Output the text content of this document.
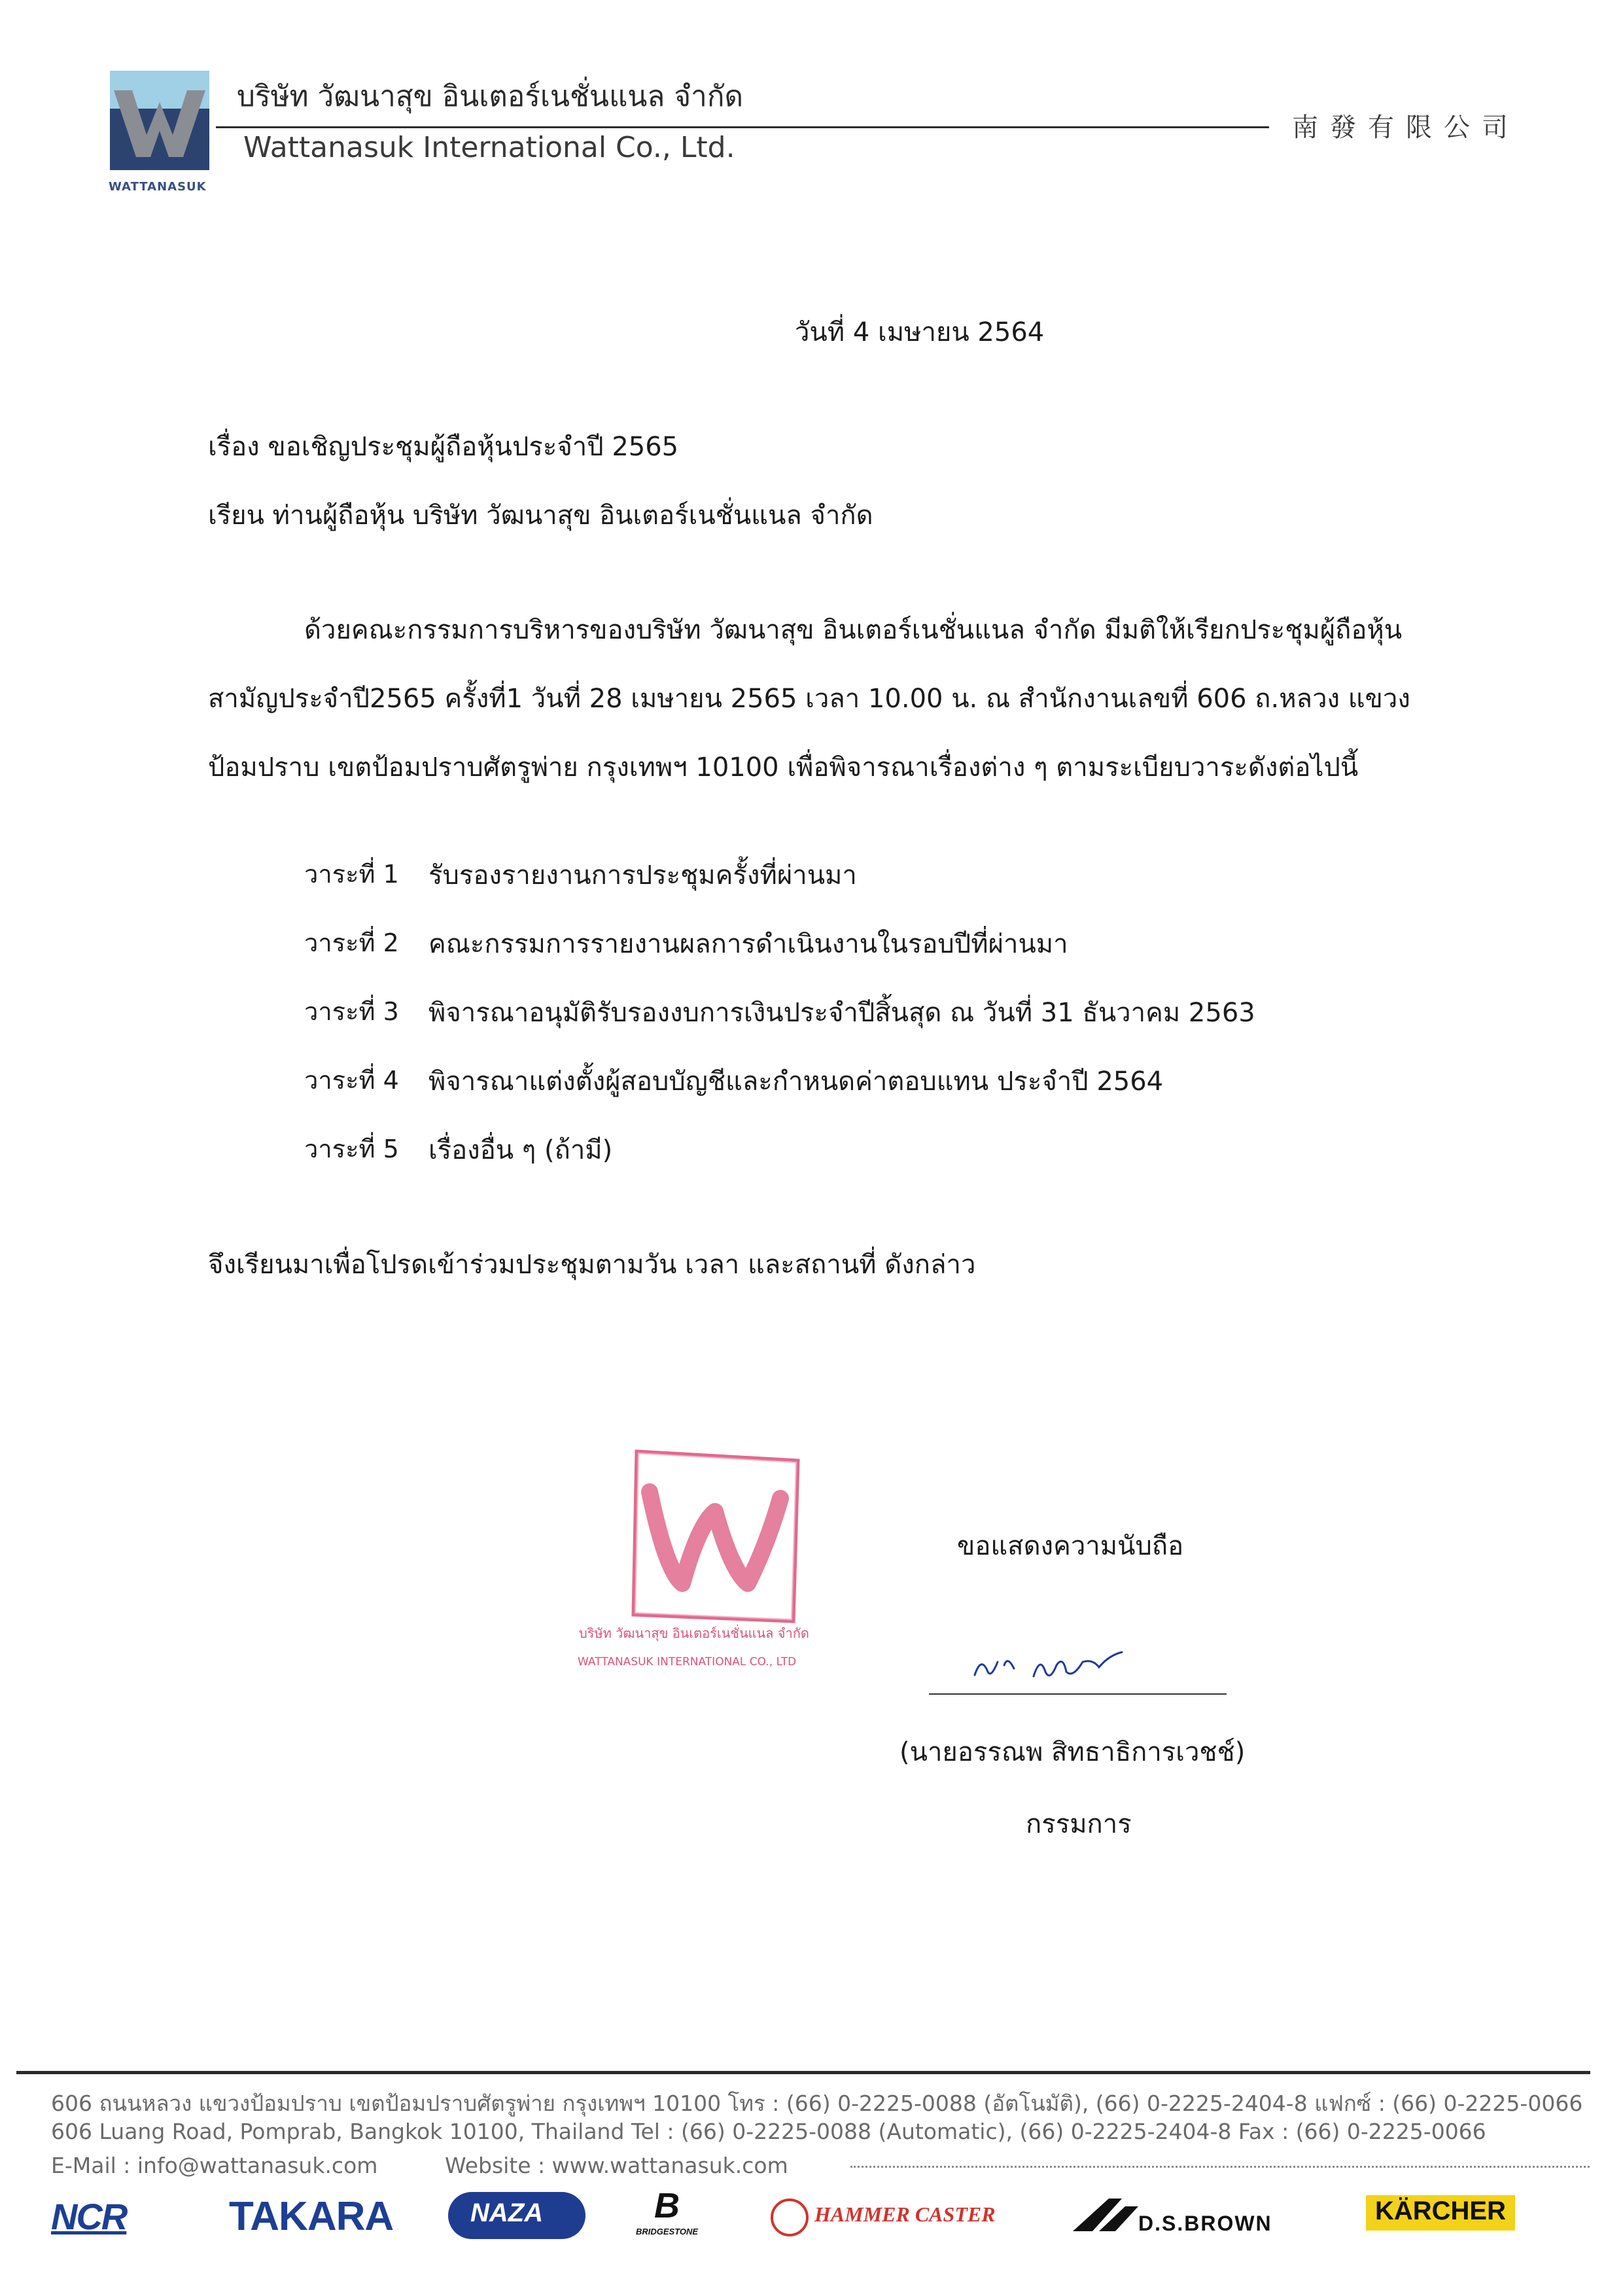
WATTANASUK
บริษัท วัฒนาสุข อินเตอร์เนชั่นแนล จำกัด
Wattanasuk International Co., Ltd.
南發有限公司
วันที่ 4 เมษายน 2564
เรื่อง ขอเชิญประชุมผู้ถือหุ้นประจำปี 2565
เรียน ท่านผู้ถือหุ้น บริษัท วัฒนาสุข อินเตอร์เนชั่นแนล จำกัด
ด้วยคณะกรรมการบริหารของบริษัท วัฒนาสุข อินเตอร์เนชั่นแนล จำกัด มีมติให้เรียกประชุมผู้ถือหุ้น
สามัญประจำปี2565 ครั้งที่1 วันที่ 28 เมษายน 2565 เวลา 10.00 น. ณ สำนักงานเลขที่ 606 ถ.หลวง แขวง
ป้อมปราบ เขตป้อมปราบศัตรูพ่าย กรุงเทพฯ 10100 เพื่อพิจารณาเรื่องต่าง ๆ ตามระเบียบวาระดังต่อไปนี้
วาระที่ 1 รับรองรายงานการประชุมครั้งที่ผ่านมา
วาระที่ 2 คณะกรรมการรายงานผลการดำเนินงานในรอบปีที่ผ่านมา
วาระที่ 3 พิจารณาอนุมัติรับรองงบการเงินประจำปีสิ้นสุด ณ วันที่ 31 ธันวาคม 2563
วาระที่ 4 พิจารณาแต่งตั้งผู้สอบบัญชีและกำหนดค่าตอบแทน ประจำปี 2564
วาระที่ 5 เรื่องอื่น ๆ (ถ้ามี)
จึงเรียนมาเพื่อโปรดเข้าร่วมประชุมตามวัน เวลา และสถานที่ ดังกล่าว
บริษัท วัฒนาสุข อินเตอร์เนชั่นแนล จำกัด
WATTANASUK INTERNATIONAL CO., LTD
ขอแสดงความนับถือ
(นายอรรณพ สิทธาธิการเวชช์)
กรรมการ
606 ถนนหลวง แขวงป้อมปราบ เขตป้อมปราบศัตรูพ่าย กรุงเทพฯ 10100 โทร : (66) 0-2225-0088 (อัตโนมัติ), (66) 0-2225-2404-8 แฟกซ์ : (66) 0-2225-0066
606 Luang Road, Pomprab, Bangkok 10100, Thailand Tel : (66) 0-2225-0088 (Automatic), (66) 0-2225-2404-8 Fax : (66) 0-2225-0066
E-Mail : info@wattanasuk.com	Website : www.wattanasuk.com
NCR	TAKARA	NAZA	B
BRIDGESTONE
HAMMER CASTER	D.S.BROWN	KÄRCHER
